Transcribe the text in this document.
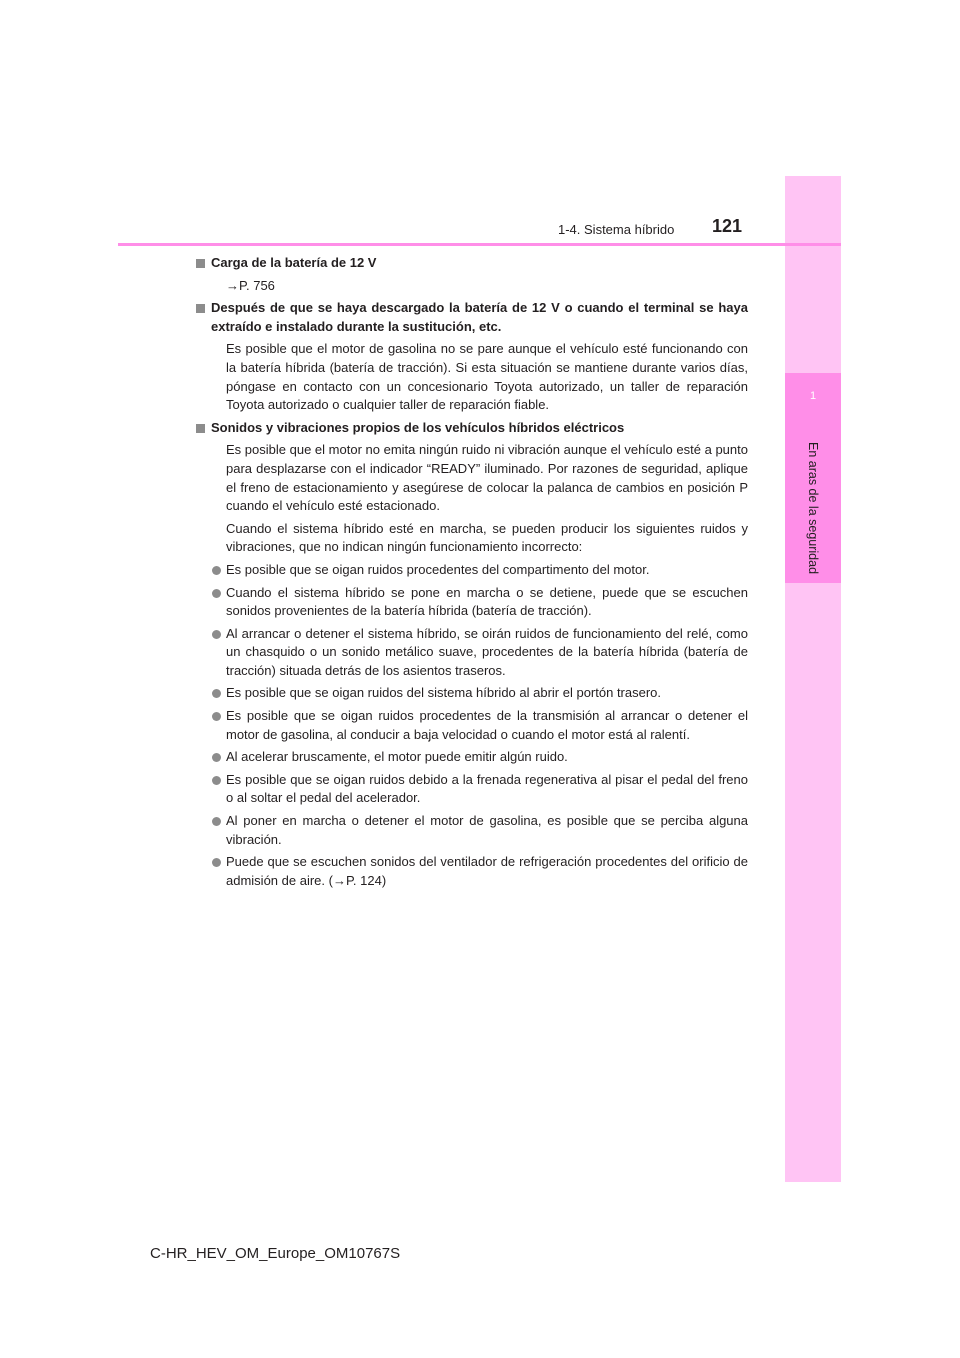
1
En aras de la seguridad
1-4. Sistema híbrido 121
Carga de la batería de 12 V
→P. 756
Después de que se haya descargado la batería de 12 V o cuando el terminal se haya extraído e instalado durante la sustitución, etc.
Es posible que el motor de gasolina no se pare aunque el vehículo esté funcionando con la batería híbrida (batería de tracción). Si esta situación se mantiene durante varios días, póngase en contacto con un concesionario Toyota autorizado, un taller de reparación Toyota autorizado o cualquier taller de reparación fiable.
Sonidos y vibraciones propios de los vehículos híbridos eléctricos
Es posible que el motor no emita ningún ruido ni vibración aunque el vehículo esté a punto para desplazarse con el indicador “READY” iluminado. Por razones de seguridad, aplique el freno de estacionamiento y asegúrese de colocar la palanca de cambios en posición P cuando el vehículo esté estacionado.
Cuando el sistema híbrido esté en marcha, se pueden producir los siguientes ruidos y vibraciones, que no indican ningún funcionamiento incorrecto:
Es posible que se oigan ruidos procedentes del compartimento del motor.
Cuando el sistema híbrido se pone en marcha o se detiene, puede que se escuchen sonidos provenientes de la batería híbrida (batería de tracción).
Al arrancar o detener el sistema híbrido, se oirán ruidos de funcionamiento del relé, como un chasquido o un sonido metálico suave, procedentes de la batería híbrida (batería de tracción) situada detrás de los asientos traseros.
Es posible que se oigan ruidos del sistema híbrido al abrir el portón trasero.
Es posible que se oigan ruidos procedentes de la transmisión al arrancar o detener el motor de gasolina, al conducir a baja velocidad o cuando el motor está al ralentí.
Al acelerar bruscamente, el motor puede emitir algún ruido.
Es posible que se oigan ruidos debido a la frenada regenerativa al pisar el pedal del freno o al soltar el pedal del acelerador.
Al poner en marcha o detener el motor de gasolina, es posible que se perciba alguna vibración.
Puede que se escuchen sonidos del ventilador de refrigeración procedentes del orificio de admisión de aire. (→P. 124)
C-HR_HEV_OM_Europe_OM10767S
